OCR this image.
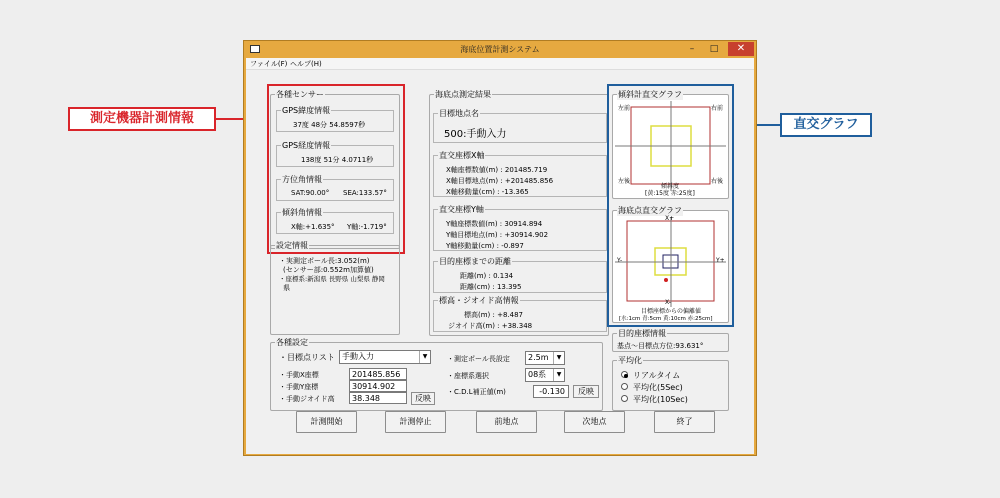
測定機器計測情報	直交グラフ
海底位置計測システム	–	□	✕
ファイル(F) ヘルプ(H)
各種センサー
GPS緯度情報
37度 48分 54.8597秒
GPS経度情報
138度 51分 4.0711秒
方位角情報
SAT:90.00° SEA:133.57°
傾斜角情報
X軸:+1.635° Y軸:-1.719°
設定情報
・実測定ポール長:3.052(m)
(センサー部:0.552m加算値)
・座標系:新潟県 長野県 山梨県 静岡
県
海底点測定結果
目標地点名
500:手動入力
直交座標X軸
X軸座標数値(m) : 201485.719
X軸目標地点(m) : +201485.856
X軸移動量(cm) : -13.365
直交座標Y軸
Y軸座標数値(m) : 30914.894
Y軸目標地点(m) : +30914.902
Y軸移動量(cm) : -0.897
目的座標までの距離
距離(m) : 0.134
距離(cm) : 13.395
標高・ジオイド高情報
標高(m) : +8.487
ジオイド高(m) : +38.348
傾斜計直交グラフ
左前	右前
左後	右後
傾斜度
[黄:15度 赤:25度]
海底点直交グラフ
X+
X-
Y-	Y+
目標座標からの偏離値
[水:1cm 青:5cm 黄:10cm 赤:25cm]
目的座標情報
基点～目標点方位:93.631°
各種設定
・目標点リスト 手動入力	▼
・手動X座標	201485.856
・手動Y座標	30914.902
・手動ジオイド高	38.348	反映
・測定ポール長設定	2.5m	▼
・座標系選択	08系	▼
・C.D.L補正値(m)	-0.130	反映
平均化
リアルタイム
平均化(5Sec)
平均化(10Sec)
計測開始	計測停止	前地点	次地点	終了
